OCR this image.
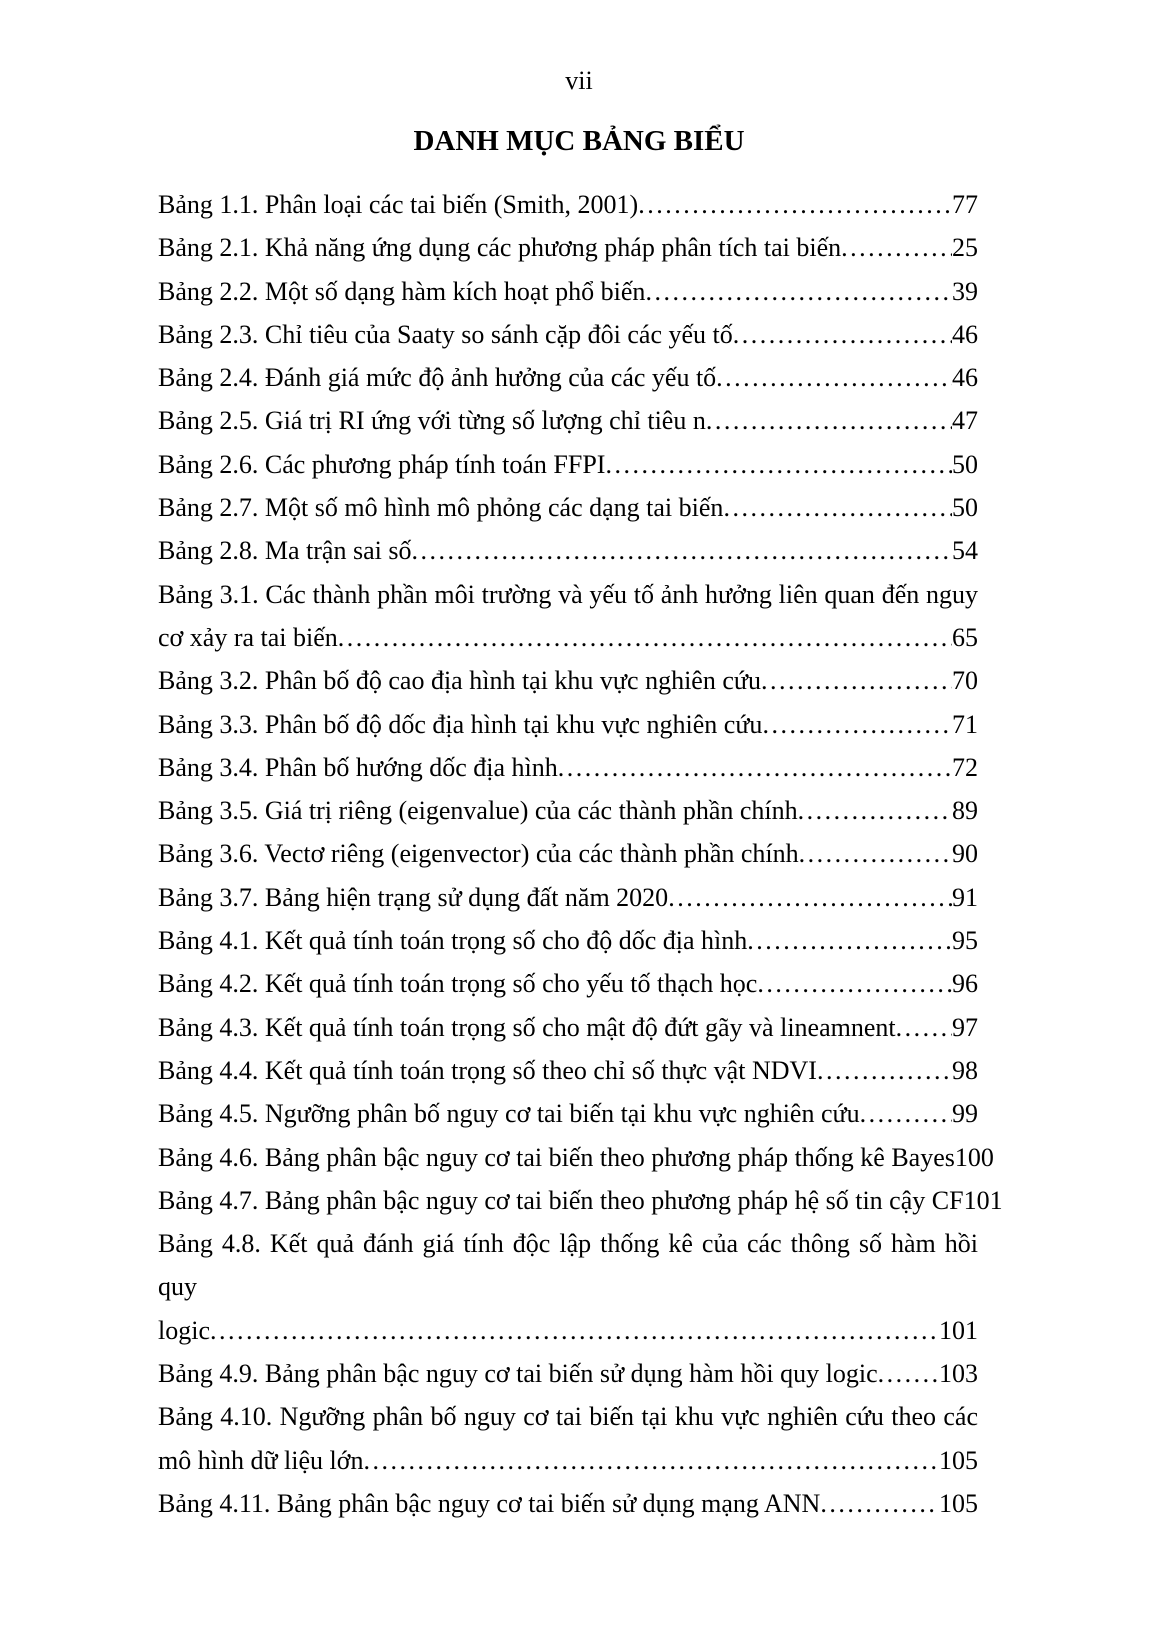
vii
DANH MỤC BẢNG BIỂU
Bảng 1.1. Phân loại các tai biến (Smith, 2001) .....	77
Bảng 2.1. Khả năng ứng dụng các phương pháp phân tích tai biến .....	25
Bảng 2.2. Một số dạng hàm kích hoạt phổ biến .....	39
Bảng 2.3. Chỉ tiêu của Saaty so sánh cặp đôi các yếu tố .....	46
Bảng 2.4. Đánh giá mức độ ảnh hưởng của các yếu tố .....	46
Bảng 2.5. Giá trị RI ứng với từng số lượng chỉ tiêu n .....	47
Bảng 2.6. Các phương pháp tính toán FFPI .....	50
Bảng 2.7. Một số mô hình mô phỏng các dạng tai biến .....	50
Bảng 2.8. Ma trận sai số .....	54
Bảng 3.1. Các thành phần môi trường và yếu tố ảnh hưởng liên quan đến nguy
cơ xảy ra tai biến .....	65
Bảng 3.2. Phân bố độ cao địa hình tại khu vực nghiên cứu .....	70
Bảng 3.3. Phân bố độ dốc địa hình tại khu vực nghiên cứu .....	71
Bảng 3.4. Phân bố hướng dốc địa hình .....	72
Bảng 3.5. Giá trị riêng (eigenvalue) của các thành phần chính .....	89
Bảng 3.6. Vectơ riêng (eigenvector) của các thành phần chính .....	90
Bảng 3.7. Bảng hiện trạng sử dụng đất năm 2020 .....	91
Bảng 4.1. Kết quả tính toán trọng số cho độ dốc địa hình .....	95
Bảng 4.2. Kết quả tính toán trọng số cho yếu tố thạch học .....	96
Bảng 4.3. Kết quả tính toán trọng số cho mật độ đứt gãy và lineamnent ..... 97
Bảng 4.4. Kết quả tính toán trọng số theo chỉ số thực vật NDVI .....	98
Bảng 4.5. Ngưỡng phân bố nguy cơ tai biến tại khu vực nghiên cứu .....	99
Bảng 4.6. Bảng phân bậc nguy cơ tai biến theo phương pháp thống kê Bayes 100
Bảng 4.7. Bảng phân bậc nguy cơ tai biến theo phương pháp hệ số tin cậy CF 101
Bảng 4.8. Kết quả đánh giá tính độc lập thống kê của các thông số hàm hồi quy
logic .....	101
Bảng 4.9. Bảng phân bậc nguy cơ tai biến sử dụng hàm hồi quy logic ..... 103
Bảng 4.10. Ngưỡng phân bố nguy cơ tai biến tại khu vực nghiên cứu theo các
mô hình dữ liệu lớn .....	105
Bảng 4.11. Bảng phân bậc nguy cơ tai biến sử dụng mạng ANN .....	105
